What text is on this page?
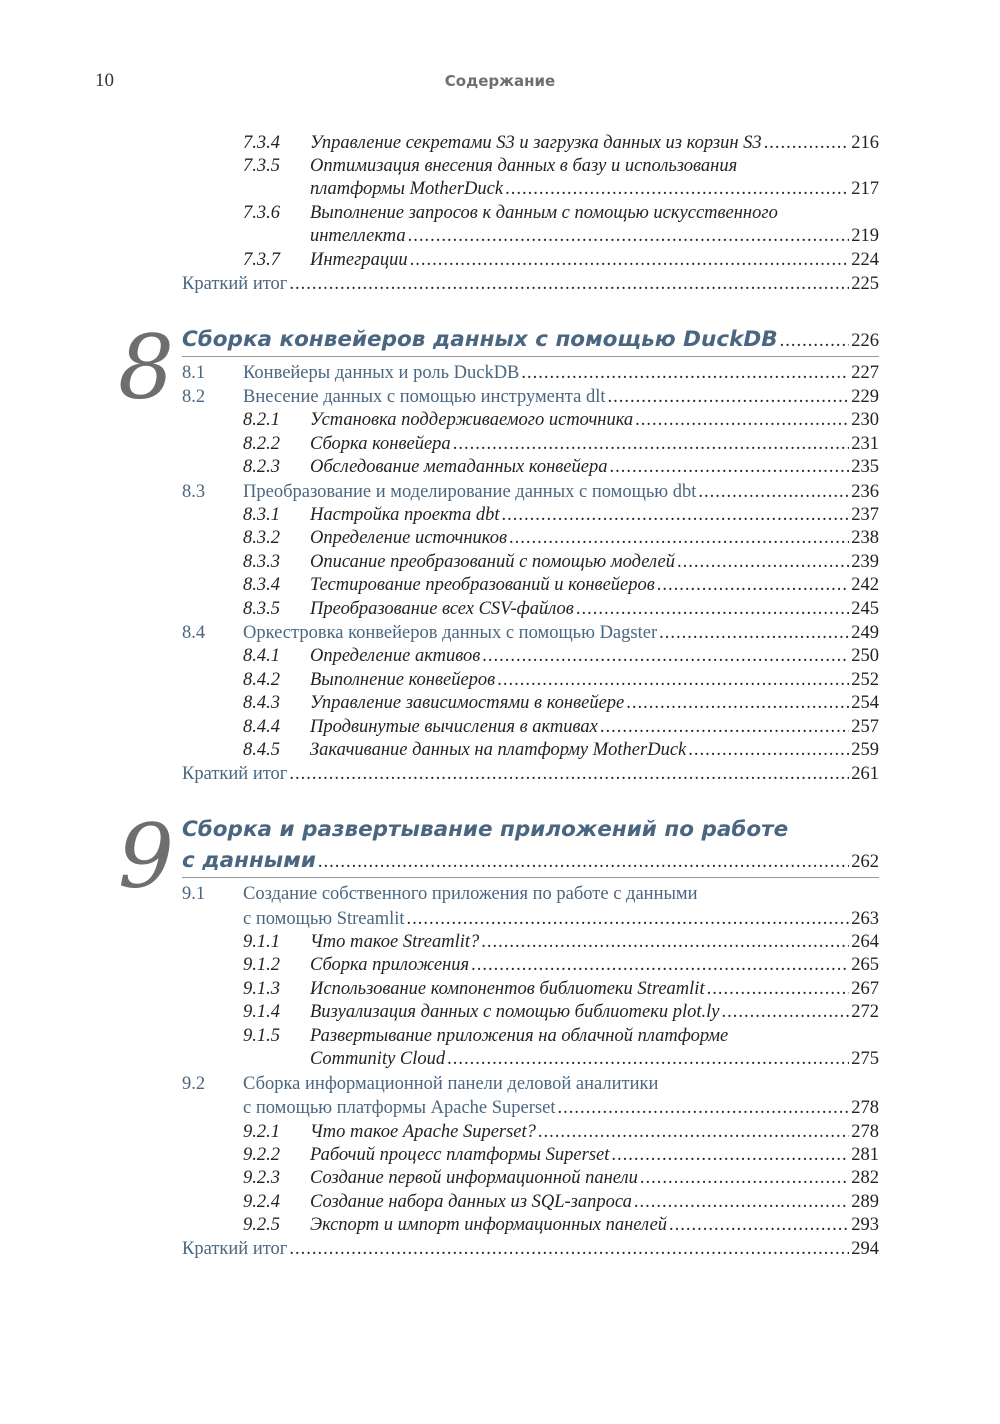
10	Содержание
7.3.4 Управление секретами S3 и загрузка данных из корзин S3 .....	216
7.3.5 Оптимизация внесения данных в базу и использования
платформы MotherDuck .....	217
7.3.6 Выполнение запросов к данным с помощью искусственного
интеллекта .....	219
7.3.7 Интеграции .....	224
Краткий итог .....	225
8 Сборка конвейеров данных с помощью DuckDB .....	226
8.1 Конвейеры данных и роль DuckDB .....	227
8.2 Внесение данных с помощью инструмента dlt .....	229
8.2.1 Установка поддерживаемого источника .....	230
8.2.2 Сборка конвейера .....	231
8.2.3 Обследование метаданных конвейера .....	235
8.3 Преобразование и моделирование данных с помощью dbt .....	236
8.3.1 Настройка проекта dbt .....	237
8.3.2 Определение источников .....	238
8.3.3 Описание преобразований с помощью моделей .....	239
8.3.4 Тестирование преобразований и конвейеров .....	242
8.3.5 Преобразование всех CSV-файлов .....	245
8.4 Оркестровка конвейеров данных с помощью Dagster .....	249
8.4.1 Определение активов .....	250
8.4.2 Выполнение конвейеров .....	252
8.4.3 Управление зависимостями в конвейере .....	254
8.4.4 Продвинутые вычисления в активах .....	257
8.4.5 Закачивание данных на платформу MotherDuck .....	259
Краткий итог .....	261
9 Сборка и развертывание приложений по работе
с данными .....	262
9.1 Создание собственного приложения по работе с данными
с помощью Streamlit .....	263
9.1.1 Что такое Streamlit? .....	264
9.1.2 Сборка приложения .....	265
9.1.3 Использование компонентов библиотеки Streamlit .....	267
9.1.4 Визуализация данных с помощью библиотеки plot.ly .....	272
9.1.5 Развертывание приложения на облачной платформе
Community Cloud .....	275
9.2 Сборка информационной панели деловой аналитики
с помощью платформы Apache Superset .....	278
9.2.1 Что такое Apache Superset? .....	278
9.2.2 Рабочий процесс платформы Superset .....	281
9.2.3 Создание первой информационной панели .....	282
9.2.4 Создание набора данных из SQL-запроса .....	289
9.2.5 Экспорт и импорт информационных панелей .....	293
Краткий итог .....	294
